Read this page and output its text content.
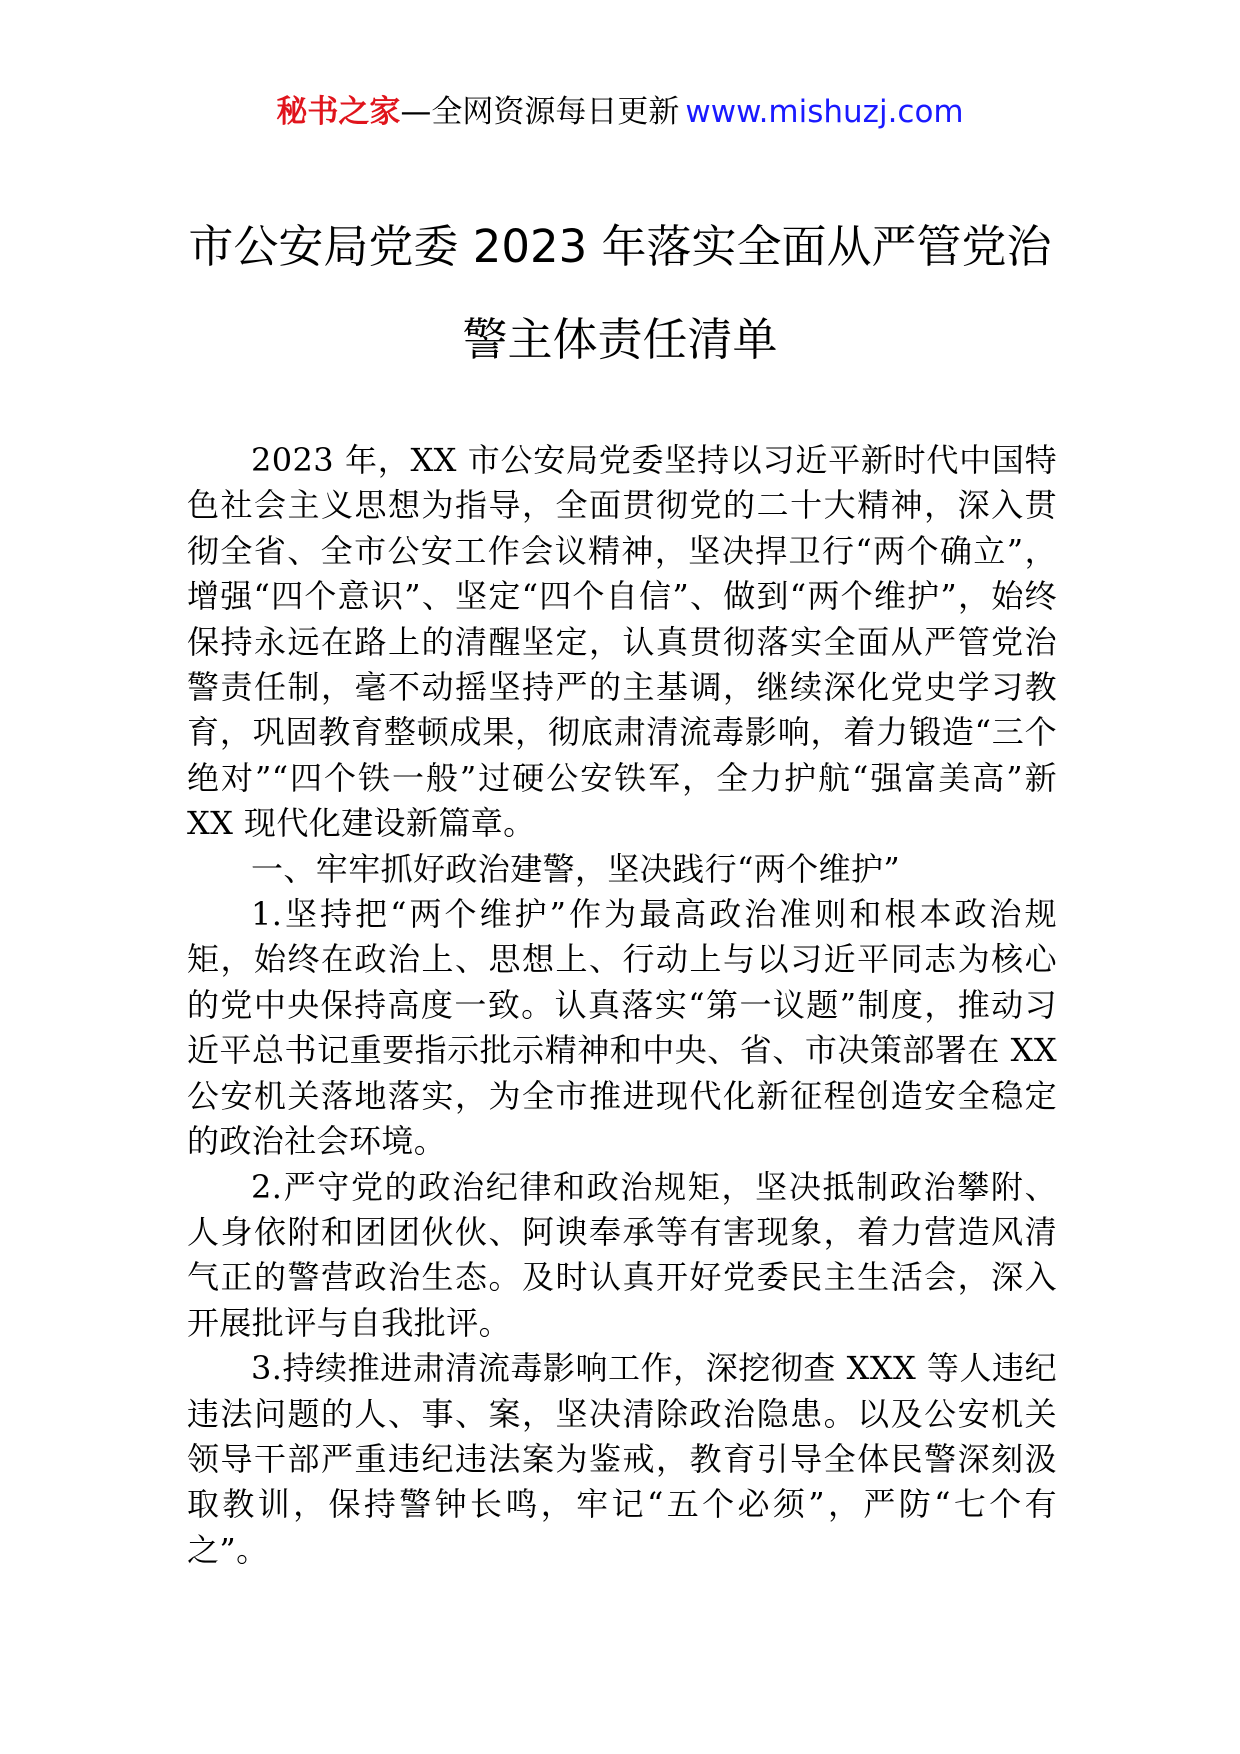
秘书之家—全网资源每日更新 www.mishuzj.com
市公安局党委 2023 年落实全面从严管党治
警主体责任清单

2023 年，XX 市公安局党委坚持以习近平新时代中国特色社会主义思想为指导，全面贯彻党的二十大精神，深入贯彻全省、全市公安工作会议精神，坚决捍卫行“两个确立”，增强“四个意识”、坚定“四个自信”、做到“两个维护”，始终保持永远在路上的清醒坚定，认真贯彻落实全面从严管党治警责任制，毫不动摇坚持严的主基调，继续深化党史学习教育，巩固教育整顿成果，彻底肃清流毒影响，着力锻造“三个绝对”“四个铁一般”过硬公安铁军，全力护航“强富美高”新 XX 现代化建设新篇章。

一、牢牢抓好政治建警，坚决践行“两个维护”

1.坚持把“两个维护”作为最高政治准则和根本政治规矩，始终在政治上、思想上、行动上与以习近平同志为核心的党中央保持高度一致。认真落实“第一议题”制度，推动习近平总书记重要指示批示精神和中央、省、市决策部署在 XX 公安机关落地落实，为全市推进现代化新征程创造安全稳定的政治社会环境。

2.严守党的政治纪律和政治规矩，坚决抵制政治攀附、人身依附和团团伙伙、阿谀奉承等有害现象，着力营造风清气正的警营政治生态。及时认真开好党委民主生活会，深入开展批评与自我批评。

3.持续推进肃清流毒影响工作，深挖彻查 XXX 等人违纪违法问题的人、事、案，坚决清除政治隐患。以及公安机关领导干部严重违纪违法案为鉴戒，教育引导全体民警深刻汲取教训，保持警钟长鸣，牢记“五个必须”，严防“七个有之”。
